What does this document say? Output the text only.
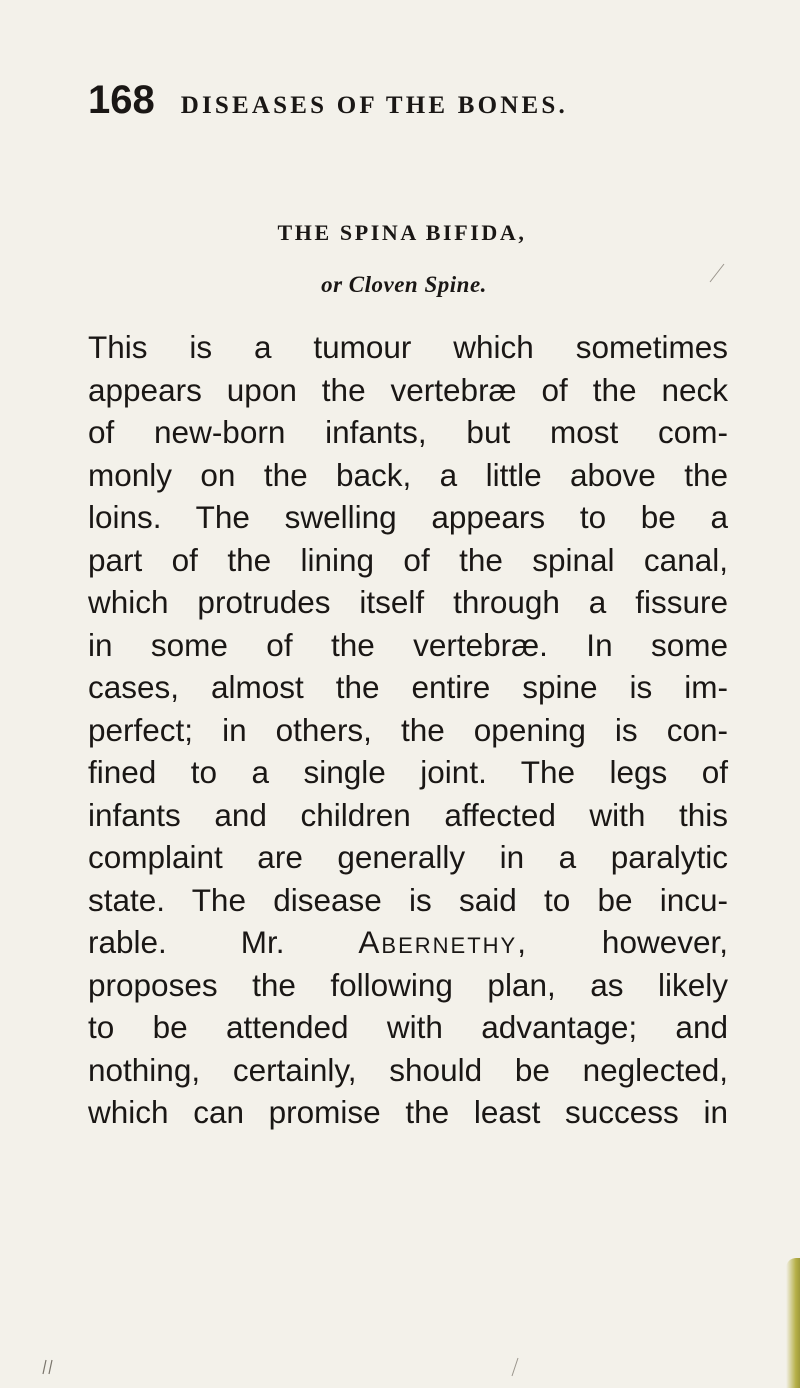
168 DISEASES OF THE BONES.
THE SPINA BIFIDA,
or Cloven Spine.
This is a tumour which sometimes
appears upon the vertebræ of the neck
of new-born infants, but most com-
monly on the back, a little above the
loins. The swelling appears to be a
part of the lining of the spinal canal,
which protrudes itself through a fissure
in some of the vertebræ. In some
cases, almost the entire spine is im-
perfect; in others, the opening is con-
fined to a single joint. The legs of
infants and children affected with this
complaint are generally in a paralytic
state. The disease is said to be incu-
rable. Mr. Abernethy, however,
proposes the following plan, as likely
to be attended with advantage; and
nothing, certainly, should be neglected,
which can promise the least success in
